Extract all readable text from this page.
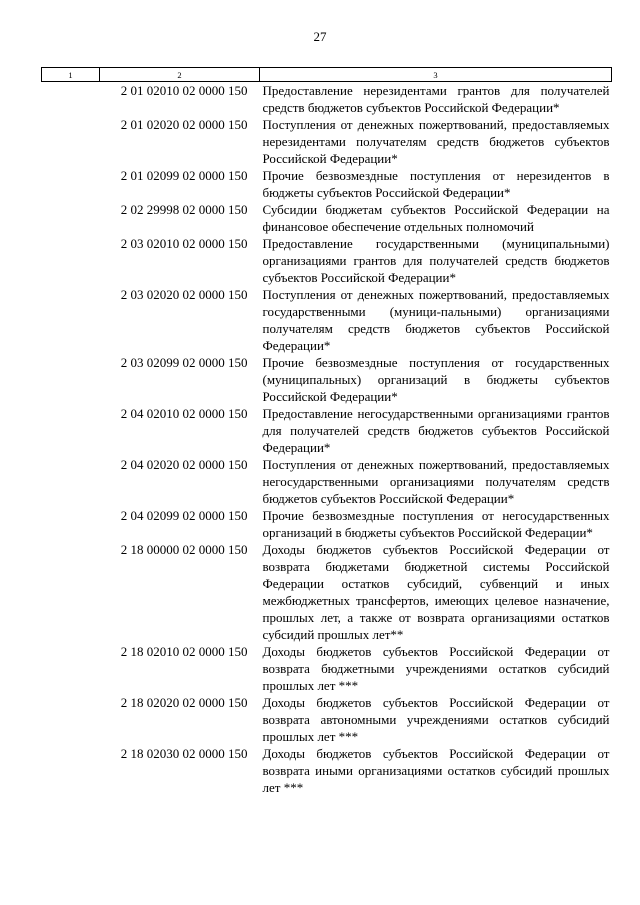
27
1	2	3
	2 01 02010 02 0000 150	Предоставление нерезидентами грантов для получателей средств бюджетов субъектов Российской Федерации*
	2 01 02020 02 0000 150	Поступления от денежных пожертвований, предоставляемых нерезидентами получателям средств бюджетов субъектов Российской Федерации*
	2 01 02099 02 0000 150	Прочие безвозмездные поступления от нерезидентов в бюджеты субъектов Российской Федерации*
	2 02 29998 02 0000 150	Субсидии бюджетам субъектов Российской Федерации на финансовое обеспечение отдельных полномочий
	2 03 02010 02 0000 150	Предоставление государственными (муниципальными) организациями грантов для получателей средств бюджетов субъектов Российской Федерации*
	2 03 02020 02 0000 150	Поступления от денежных пожертвований, предоставляемых государственными (муници-пальными) организациями получателям средств бюджетов субъектов Российской Федерации*
	2 03 02099 02 0000 150	Прочие безвозмездные поступления от государственных (муниципальных) организаций в бюджеты субъектов Российской Федерации*
	2 04 02010 02 0000 150	Предоставление негосударственными организациями грантов для получателей средств бюджетов субъектов Российской Федерации*
	2 04 02020 02 0000 150	Поступления от денежных пожертвований, предоставляемых негосударственными организациями получателям средств бюджетов субъектов Российской Федерации*
	2 04 02099 02 0000 150	Прочие безвозмездные поступления от негосударственных организаций в бюджеты субъектов Российской Федерации*
	2 18 00000 02 0000 150	Доходы бюджетов субъектов Российской Федерации от возврата бюджетами бюджетной системы Российской Федерации остатков субсидий, субвенций и иных межбюджетных трансфертов, имеющих целевое назначение, прошлых лет, а также от возврата организациями остатков субсидий прошлых лет**
	2 18 02010 02 0000 150	Доходы бюджетов субъектов Российской Федерации от возврата бюджетными учреждениями остатков субсидий прошлых лет ***
	2 18 02020 02 0000 150	Доходы бюджетов субъектов Российской Федерации от возврата автономными учреждениями остатков субсидий прошлых лет ***
	2 18 02030 02 0000 150	Доходы бюджетов субъектов Российской Федерации от возврата иными организациями остатков субсидий прошлых лет ***
